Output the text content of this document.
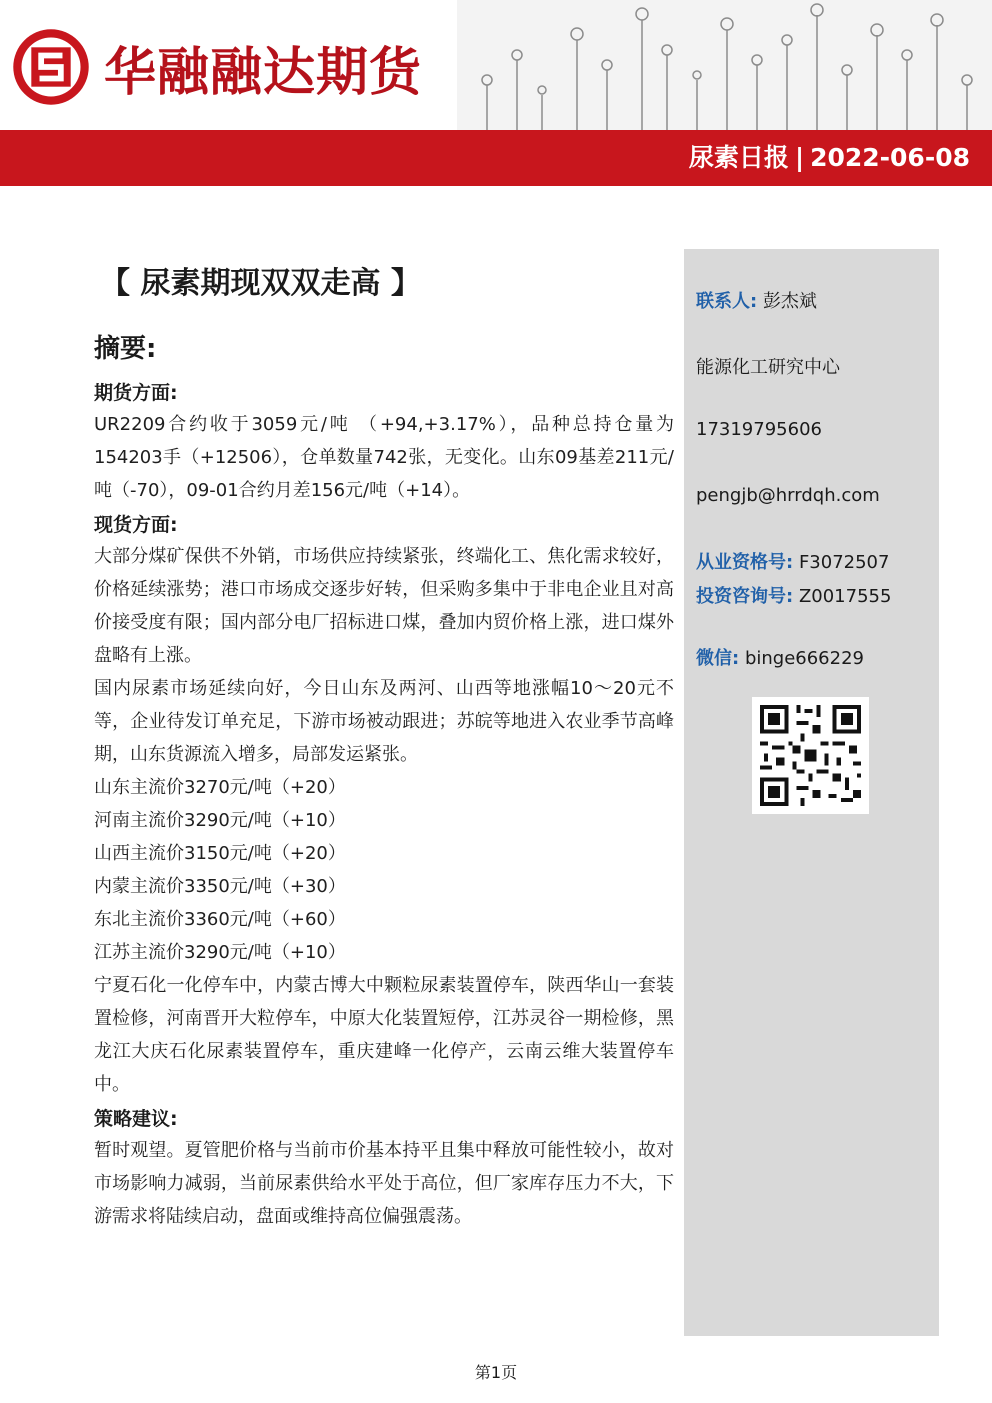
华融融达期货
尿素日报 | 2022-06-08
【 尿素期现双双走高 】
摘要:

期货方面:

UR2209合约收于3059元/吨 （+94,+3.17%），品种总持仓量为154203手（+12506），仓单数量742张，无变化。山东09基差211元/吨（-70），09-01合约月差156元/吨（+14）。

现货方面:

大部分煤矿保供不外销，市场供应持续紧张，终端化工、焦化需求较好，价格延续涨势；港口市场成交逐步好转，但采购多集中于非电企业且对高价接受度有限；国内部分电厂招标进口煤，叠加内贸价格上涨，进口煤外盘略有上涨。

国内尿素市场延续向好，今日山东及两河、山西等地涨幅10～20元不等，企业待发订单充足，下游市场被动跟进；苏皖等地进入农业季节高峰期，山东货源流入增多，局部发运紧张。

山东主流价3270元/吨（+20）

河南主流价3290元/吨（+10）

山西主流价3150元/吨（+20）

内蒙主流价3350元/吨（+30）

东北主流价3360元/吨（+60）

江苏主流价3290元/吨（+10）

宁夏石化一化停车中，内蒙古博大中颗粒尿素装置停车，陕西华山一套装置检修，河南晋开大粒停车，中原大化装置短停，江苏灵谷一期检修，黑龙江大庆石化尿素装置停车，重庆建峰一化停产，云南云维大装置停车中。

策略建议:

暂时观望。夏管肥价格与当前市价基本持平且集中释放可能性较小，故对市场影响力减弱，当前尿素供给水平处于高位，但厂家库存压力不大，下游需求将陆续启动，盘面或维持高位偏强震荡。

联系人: 彭杰斌
能源化工研究中心
17319795606
pengjb@hrrdqh.com
从业资格号: F3072507
投资咨询号: Z0017555
微信: binge666229
第1页
